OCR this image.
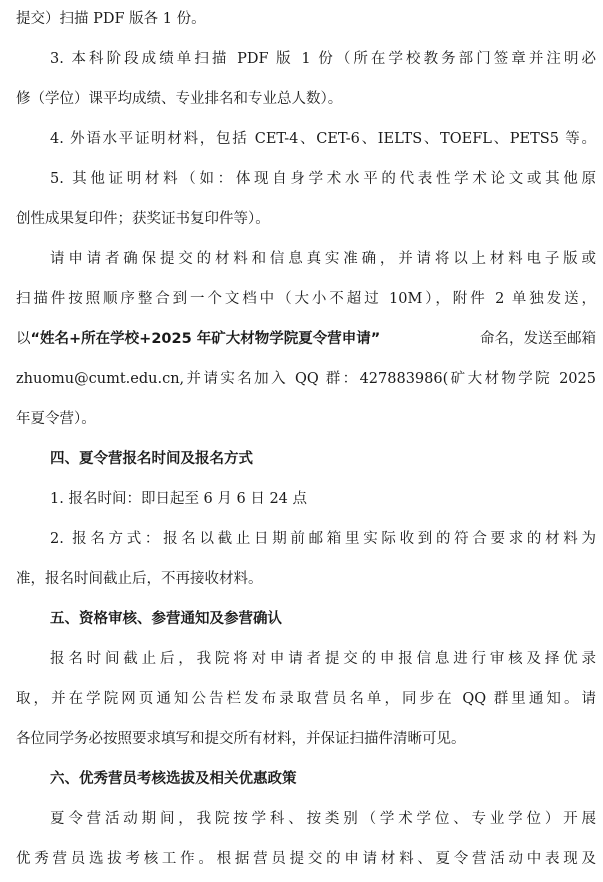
提交）扫描 PDF 版各 1 份。
3. 本科阶段成绩单扫描 PDF 版 1 份（所在学校教务部门签章并注明必
修（学位）课平均成绩、专业排名和专业总人数）。
4. 外语水平证明材料，包括 CET-4、CET-6、IELTS、TOEFL、PETS5 等。
5. 其他证明材料（如：体现自身学术水平的代表性学术论文或其他原
创性成果复印件；获奖证书复印件等）。
请申请者确保提交的材料和信息真实准确，并请将以上材料电子版或
扫描件按照顺序整合到一个文档中（大小不超过 10M），附件 2 单独发送，
以“姓名+所在学校+2025 年矿大材物学院夏令营申请”	命名，发送至邮箱
zhuomu@cumt.edu.cn,并请实名加入 QQ 群：427883986(矿大材物学院 2025
年夏令营）。
四、夏令营报名时间及报名方式
1. 报名时间：即日起至 6 月 6 日 24 点
2. 报名方式：报名以截止日期前邮箱里实际收到的符合要求的材料为
准，报名时间截止后，不再接收材料。
五、资格审核、参营通知及参营确认
报名时间截止后，我院将对申请者提交的申报信息进行审核及择优录
取，并在学院网页通知公告栏发布录取营员名单，同步在 QQ 群里通知。请
各位同学务必按照要求填写和提交所有材料，并保证扫描件清晰可见。
六、优秀营员考核选拔及相关优惠政策
夏令营活动期间，我院按学科、按类别（学术学位、专业学位）开展
优秀营员选拔考核工作。根据营员提交的申请材料、夏令营活动中表现及
